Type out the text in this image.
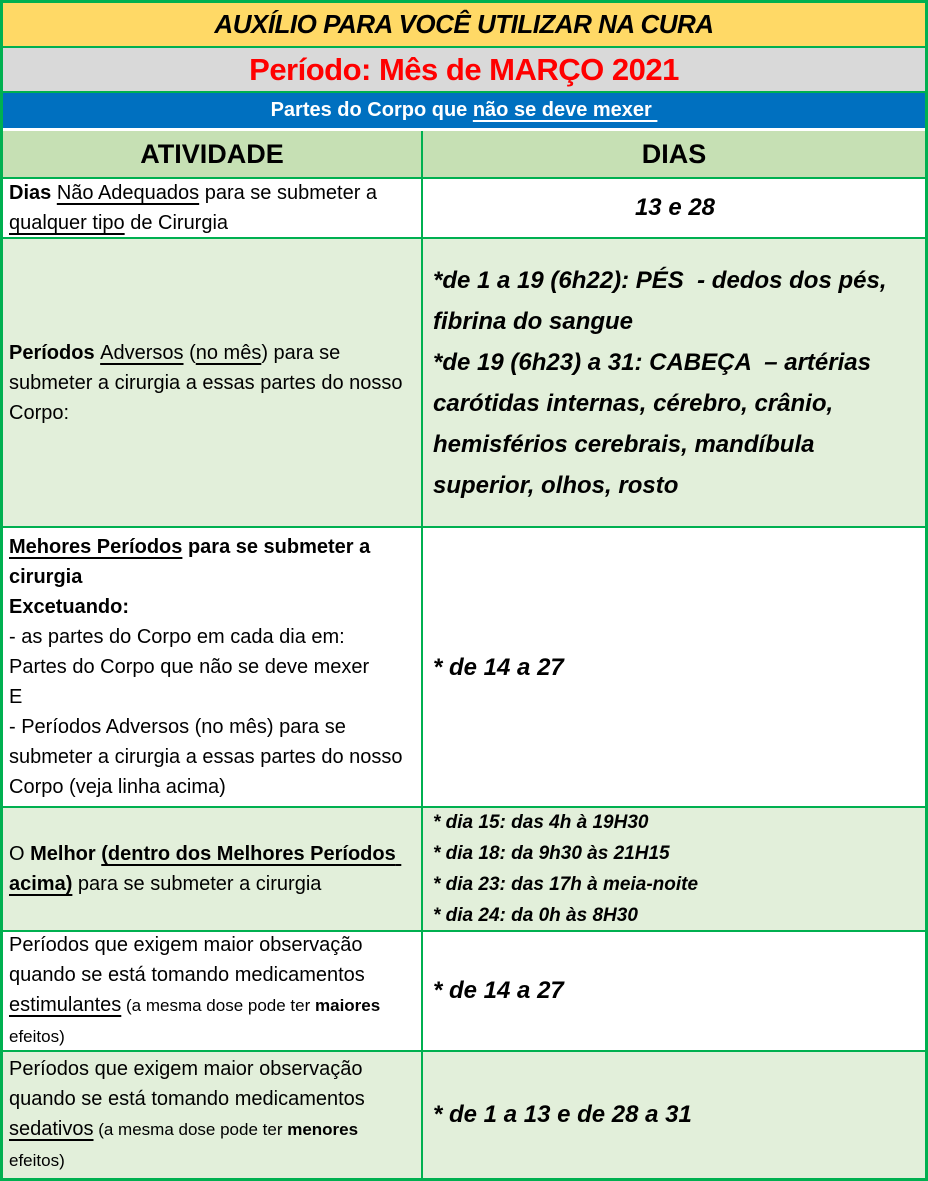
AUXÍLIO PARA VOCÊ UTILIZAR NA CURA
Período: Mês de MARÇO 2021
Partes do Corpo que não se deve mexer
ATIVIDADE	DIAS
Dias Não Adequados para se submeter a qualquer tipo de Cirurgia
13 e 28
Períodos Adversos (no mês) para se submeter a cirurgia a essas partes do nosso Corpo:
*de 1 a 19 (6h22): PÉS  - dedos dos pés, fibrina do sangue
*de 19 (6h23) a 31: CABEÇA  – artérias carótidas internas, cérebro, crânio, hemisférios cerebrais, mandíbula superior, olhos, rosto
Mehores Períodos para se submeter a cirurgia
Excetuando:
- as partes do Corpo em cada dia em:
Partes do Corpo que não se deve mexer
E
- Períodos Adversos (no mês) para se submeter a cirurgia a essas partes do nosso Corpo (veja linha acima)
* de 14 a 27
O Melhor (dentro dos Melhores Períodos acima) para se submeter a cirurgia
* dia 15: das 4h à 19H30
* dia 18: da 9h30 às 21H15
* dia 23: das 17h à meia-noite
* dia 24: da 0h às 8H30
Períodos que exigem maior observação quando se está tomando medicamentos estimulantes (a mesma dose pode ter maiores efeitos)
* de 14 a 27
Períodos que exigem maior observação quando se está tomando medicamentos sedativos (a mesma dose pode ter menores efeitos)
* de 1 a 13 e de 28 a 31
